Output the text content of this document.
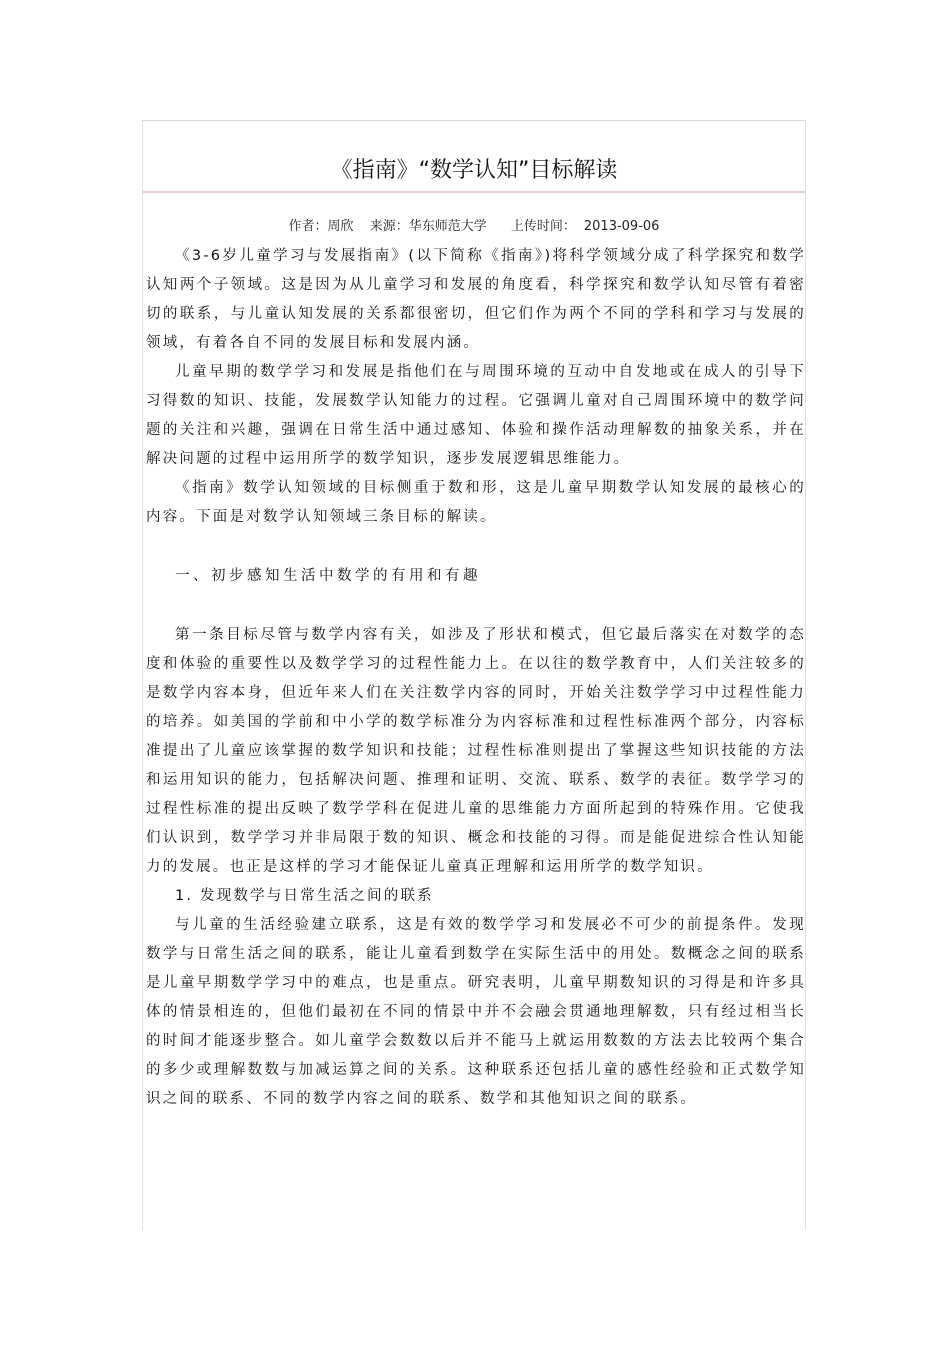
《指南》“数学认知”目标解读
作者：周欣 来源：华东师范大学 上传时间： 2013-09-06

《3-6岁儿童学习与发展指南》(以下简称《指南》)将科学领域分成了科学探究和数学认知两个子领域。这是因为从儿童学习和发展的角度看，科学探究和数学认知尽管有着密切的联系，与儿童认知发展的关系都很密切，但它们作为两个不同的学科和学习与发展的领域，有着各自不同的发展目标和发展内涵。

儿童早期的数学学习和发展是指他们在与周围环境的互动中自发地或在成人的引导下习得数的知识、技能，发展数学认知能力的过程。它强调儿童对自己周围环境中的数学问题的关注和兴趣，强调在日常生活中通过感知、体验和操作活动理解数的抽象关系，并在解决问题的过程中运用所学的数学知识，逐步发展逻辑思维能力。

《指南》数学认知领域的目标侧重于数和形，这是儿童早期数学认知发展的最核心的内容。下面是对数学认知领域三条目标的解读。

一、初步感知生活中数学的有用和有趣

第一条目标尽管与数学内容有关，如涉及了形状和模式，但它最后落实在对数学的态度和体验的重要性以及数学学习的过程性能力上。在以往的数学教育中，人们关注较多的是数学内容本身，但近年来人们在关注数学内容的同时，开始关注数学学习中过程性能力的培养。如美国的学前和中小学的数学标准分为内容标准和过程性标准两个部分，内容标准提出了儿童应该掌握的数学知识和技能；过程性标准则提出了掌握这些知识技能的方法和运用知识的能力，包括解决问题、推理和证明、交流、联系、数学的表征。数学学习的过程性标准的提出反映了数学学科在促进儿童的思维能力方面所起到的特殊作用。它使我们认识到，数学学习并非局限于数的知识、概念和技能的习得。而是能促进综合性认知能力的发展。也正是这样的学习才能保证儿童真正理解和运用所学的数学知识。

1. 发现数学与日常生活之间的联系

与儿童的生活经验建立联系，这是有效的数学学习和发展必不可少的前提条件。发现数学与日常生活之间的联系，能让儿童看到数学在实际生活中的用处。数概念之间的联系是儿童早期数学学习中的难点，也是重点。研究表明，儿童早期数知识的习得是和许多具体的情景相连的，但他们最初在不同的情景中并不会融会贯通地理解数，只有经过相当长的时间才能逐步整合。如儿童学会数数以后并不能马上就运用数数的方法去比较两个集合的多少或理解数数与加减运算之间的关系。这种联系还包括儿童的感性经验和正式数学知识之间的联系、不同的数学内容之间的联系、数学和其他知识之间的联系。
